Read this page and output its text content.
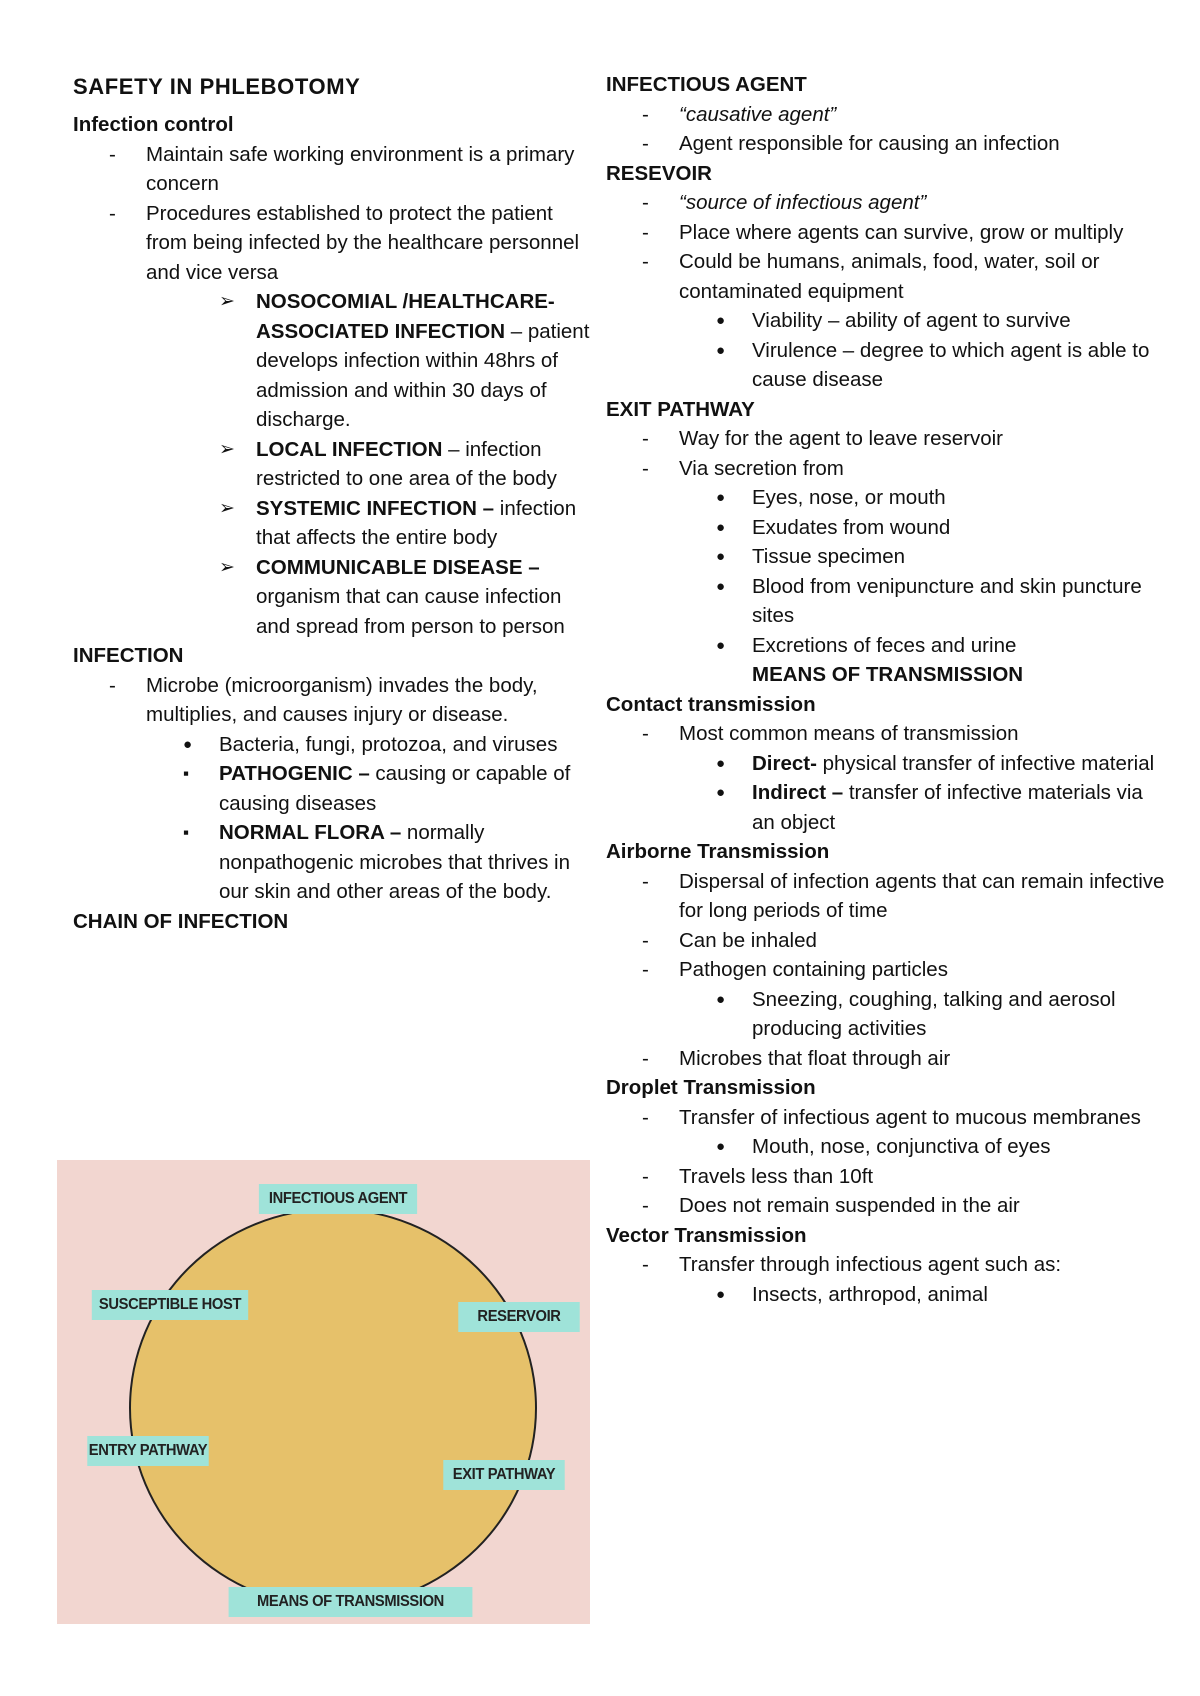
SAFETY IN PHLEBOTOMY
Infection control
- Maintain safe working environment is a primary concern
- Procedures established to protect the patient from being infected by the healthcare personnel and vice versa
➢ NOSOCOMIAL /HEALTHCARE-ASSOCIATED INFECTION – patient develops infection within 48hrs of admission and within 30 days of discharge.
➢ LOCAL INFECTION – infection restricted to one area of the body
➢ SYSTEMIC INFECTION – infection that affects the entire body
➢ COMMUNICABLE DISEASE – organism that can cause infection and spread from person to person
INFECTION
- Microbe (microorganism) invades the body, multiplies, and causes injury or disease.
● Bacteria, fungi, protozoa, and viruses
▪ PATHOGENIC – causing or capable of causing diseases
▪ NORMAL FLORA – normally nonpathogenic microbes that thrives in our skin and other areas of the body.
CHAIN OF INFECTION
INFECTIOUS AGENT
RESERVOIR
EXIT PATHWAY
MEANS OF TRANSMISSION
ENTRY PATHWAY
SUSCEPTIBLE HOST
INFECTIOUS AGENT
- “causative agent”
- Agent responsible for causing an infection
RESEVOIR
- “source of infectious agent”
- Place where agents can survive, grow or multiply
- Could be humans, animals, food, water, soil or contaminated equipment
● Viability – ability of agent to survive
● Virulence – degree to which agent is able to cause disease
EXIT PATHWAY
- Way for the agent to leave reservoir
- Via secretion from
● Eyes, nose, or mouth
● Exudates from wound
● Tissue specimen
● Blood from venipuncture and skin puncture sites
● Excretions of feces and urine
MEANS OF TRANSMISSION
Contact transmission
- Most common means of transmission
● Direct- physical transfer of infective material
● Indirect – transfer of infective materials via an object
Airborne Transmission
- Dispersal of infection agents that can remain infective for long periods of time
- Can be inhaled
- Pathogen containing particles
● Sneezing, coughing, talking and aerosol producing activities
- Microbes that float through air
Droplet Transmission
- Transfer of infectious agent to mucous membranes
● Mouth, nose, conjunctiva of eyes
- Travels less than 10ft
- Does not remain suspended in the air
Vector Transmission
- Transfer through infectious agent such as:
● Insects, arthropod, animal
